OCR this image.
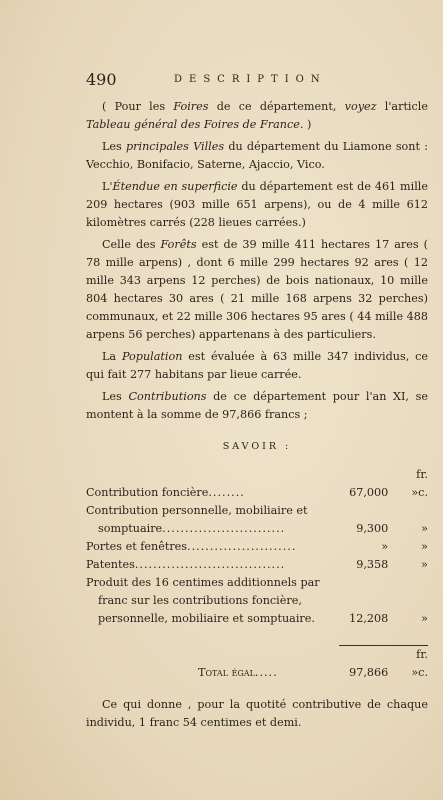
490	DESCRIPTION

( Pour les Foires de ce département, voyez l'article Tableau général des Foires de France. )

Les principales Villes du département du Liamone sont : Vecchio, Bonifacio, Saterne, Ajaccio, Vico.

L'Étendue en superficie du département est de 461 mille 209 hectares (903 mille 651 arpens), ou de 4 mille 612 kilomètres carrés (228 lieues carrées.)

Celle des Forêts est de 39 mille 411 hectares 17 ares ( 78 mille arpens) , dont 6 mille 299 hectares 92 ares ( 12 mille 343 arpens 12 perches) de bois nationaux, 10 mille 804 hectares 30 ares ( 21 mille 168 arpens 32 perches) communaux, et 22 mille 306 hectares 95 ares ( 44 mille 488 arpens 56 perches) appartenans à des particuliers.

La Population est évaluée à 63 mille 347 individus, ce qui fait 277 habitans par lieue carrée.

Les Contributions de ce département pour l'an XI, se montent à la somme de 97,866 francs ;

SAVOIR :
Contribution foncière........	67,000	fr. »c.
Contribution personnelle, mobiliaire et		
somptuaire...........................	9,300	»
Portes et fenêtres........................	»	»
Patentes.................................	9,358	»
Produit des 16 centimes additionnels par		
franc sur les contributions foncière,		
personnelle, mobiliaire et somptuaire.	12,208	»

Total égal.....	97,866	fr. »c.

Ce qui donne , pour la quotité contributive de chaque individu, 1 franc 54 centimes et demi.
